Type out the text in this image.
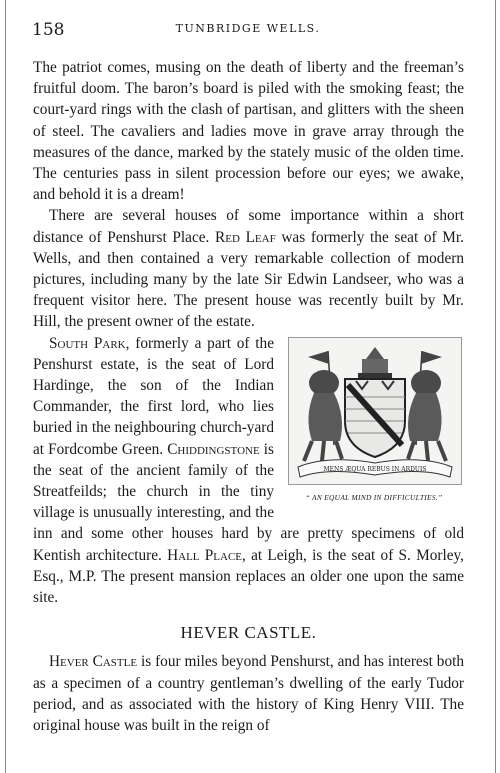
158	TUNBRIDGE WELLS.

The patriot comes, musing on the death of liberty and the freeman’s fruitful doom. The baron’s board is piled with the smoking feast; the court-yard rings with the clash of partisan, and glitters with the sheen of steel. The cavaliers and ladies move in grave array through the measures of the dance, marked by the stately music of the olden time. The centuries pass in silent procession before our eyes; we awake, and behold it is a dream!

There are several houses of some importance within a short distance of Penshurst Place. Red Leaf was formerly the seat of Mr. Wells, and then contained a very remarkable collection of modern pictures, including many by the late Sir Edwin Landseer, who was a frequent visitor here. The present house was recently built by Mr. Hill, the present owner of the estate.

MENS ÆQUA REBUS IN ARDUIS
“ AN EQUAL MIND IN DIFFICULTIES.”

South Park, formerly a part of the Penshurst estate, is the seat of Lord Hardinge, the son of the Indian Commander, the first lord, who lies buried in the neighbouring church-yard at Fordcombe Green. Chiddingstone is the seat of the ancient family of the Streatfeilds; the church in the tiny village is unusually interesting, and the inn and some other houses hard by are pretty specimens of old Kentish architecture. Hall Place, at Leigh, is the seat of S. Morley, Esq., M.P. The present mansion replaces an older one upon the same site.

HEVER CASTLE.

Hever Castle is four miles beyond Penshurst, and has interest both as a specimen of a country gentleman’s dwelling of the early Tudor period, and as associated with the history of King Henry VIII. The original house was built in the reign of
